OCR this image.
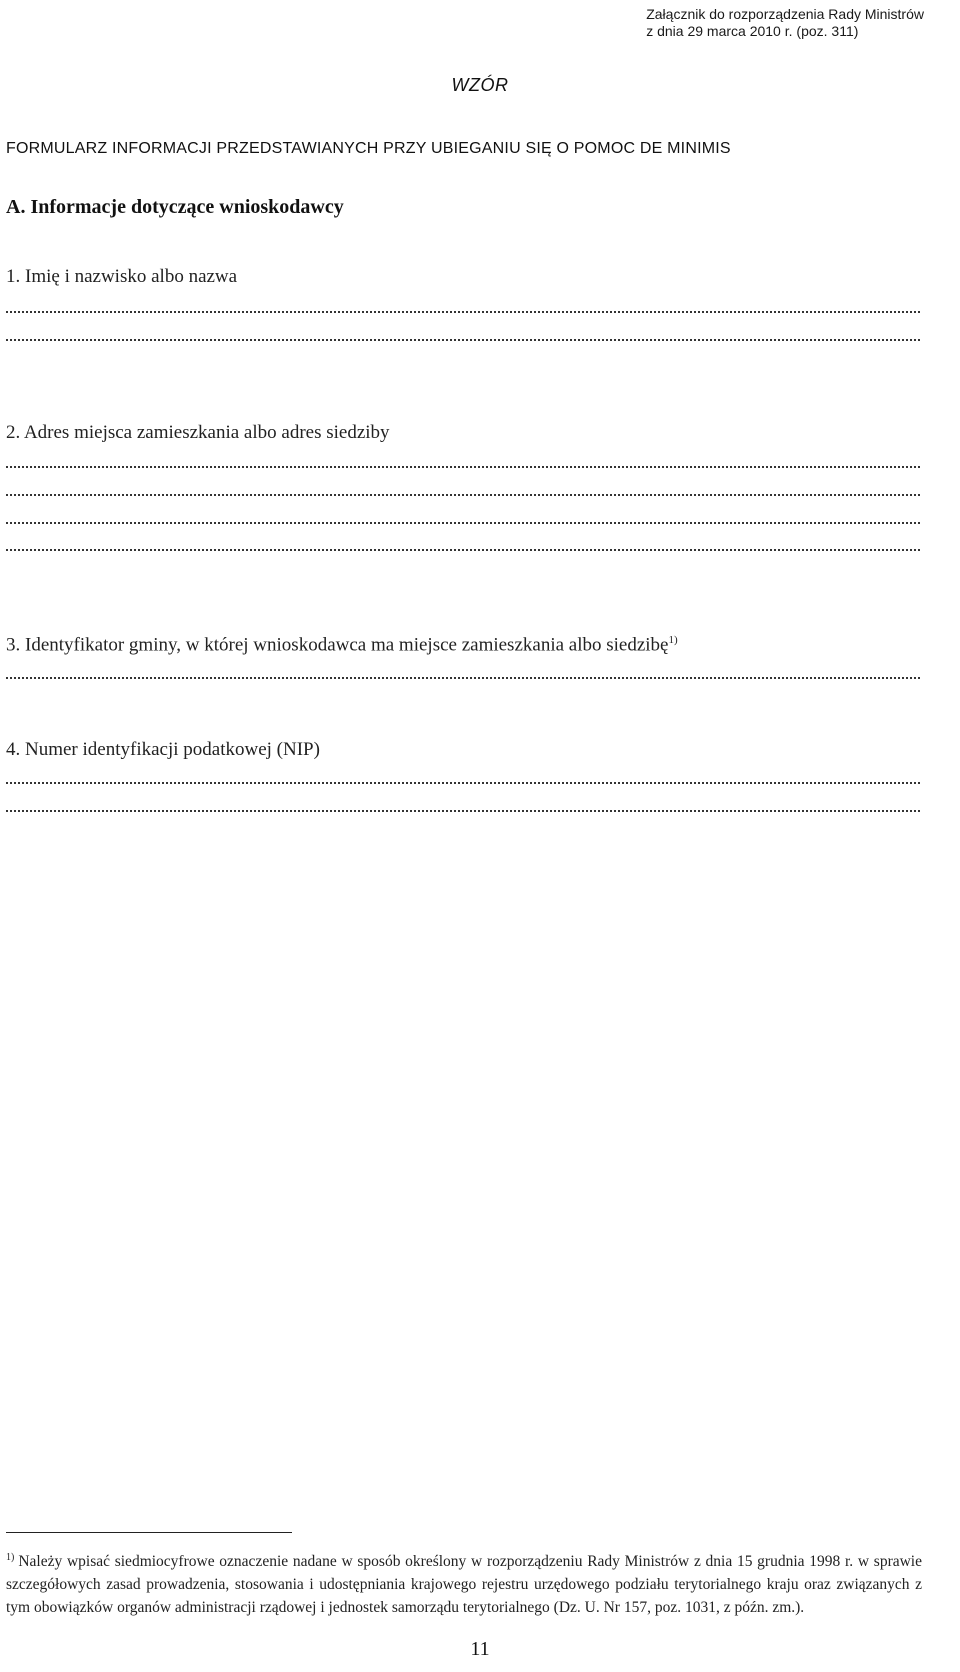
Załącznik do rozporządzenia Rady Ministrów
z dnia 29 marca 2010 r. (poz. 311)
WZÓR
FORMULARZ INFORMACJI PRZEDSTAWIANYCH PRZY UBIEGANIU SIĘ O POMOC DE MINIMIS
A. Informacje dotyczące wnioskodawcy
1. Imię i nazwisko albo nazwa
2. Adres miejsca zamieszkania albo adres siedziby
3. Identyfikator gminy, w której wnioskodawca ma miejsce zamieszkania albo siedzibę$^{1)}$
4. Numer identyfikacji podatkowej (NIP)
$^{1)}$ Należy wpisać siedmiocyfrowe oznaczenie nadane w sposób określony w rozporządzeniu Rady Ministrów z dnia 15 grudnia 1998 r. w sprawie szczegółowych zasad prowadzenia, stosowania i udostępniania krajowego rejestru urzędowego podziału terytorialnego kraju oraz związanych z tym obowiązków organów administracji rządowej i jednostek samorządu terytorialnego (Dz. U. Nr 157, poz. 1031, z późn. zm.).
11
